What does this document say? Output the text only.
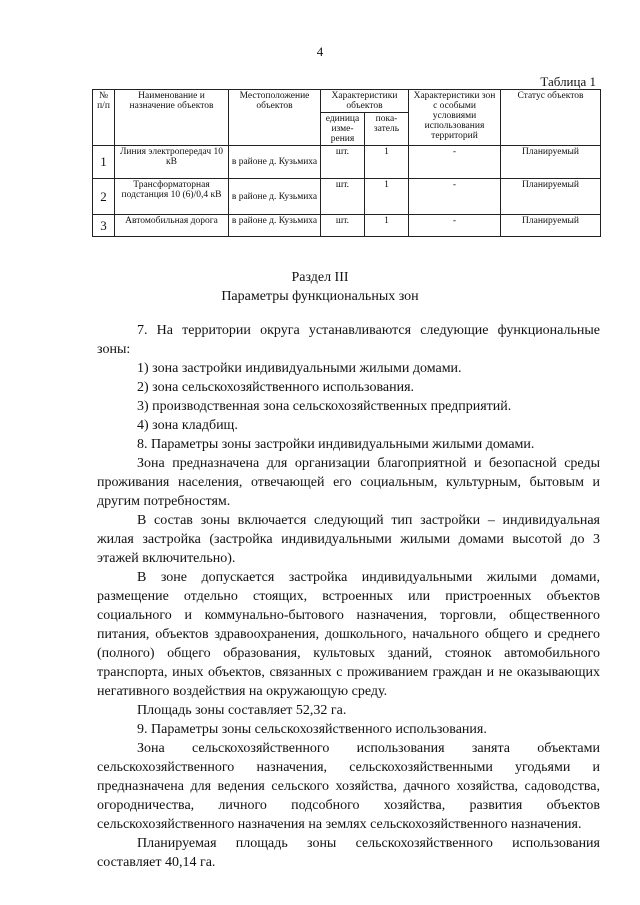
4
Таблица 1
№ п/п	Наименование и назначение объектов	Местоположение объектов	Характеристики объектов		Характеристики зон с особыми условиями использования территорий	Статус объектов
			единица изме-рения	пока-затель		
1	Линия электропередач 10 кВ	в районе д. Кузьмиха	шт.	1	-	Планируемый
2	Трансформаторная подстанция 10 (6)/0,4 кВ	в районе д. Кузьмиха	шт.	1	-	Планируемый
3	Автомобильная дорога	в районе д. Кузьмиха	шт.	1	-	Планируемый
Раздел III
Параметры функциональных зон

7. На территории округа устанавливаются следующие функциональные зоны:

1) зона застройки индивидуальными жилыми домами.

2) зона сельскохозяйственного использования.

3) производственная зона сельскохозяйственных предприятий.

4) зона кладбищ.

8. Параметры зоны застройки индивидуальными жилыми домами.

Зона предназначена для организации благоприятной и безопасной среды проживания населения, отвечающей его социальным, культурным, бытовым и другим потребностям.

В состав зоны включается следующий тип застройки – индивидуальная жилая застройка (застройка индивидуальными жилыми домами высотой до 3 этажей включительно).

В зоне допускается застройка индивидуальными жилыми домами, размещение отдельно стоящих, встроенных или пристроенных объектов социального и коммунально-бытового назначения, торговли, общественного питания, объектов здравоохранения, дошкольного, начального общего и среднего (полного) общего образования, культовых зданий, стоянок автомобильного транспорта, иных объектов, связанных с проживанием граждан и не оказывающих негативного воздействия на окружающую среду.

Площадь зоны составляет 52,32 га.

9. Параметры зоны сельскохозяйственного использования.

Зона сельскохозяйственного использования занята объектами сельскохозяйственного назначения, сельскохозяйственными угодьями и предназначена для ведения сельского хозяйства, дачного хозяйства, садоводства, огородничества, личного подсобного хозяйства, развития объектов сельскохозяйственного назначения на землях сельскохозяйственного назначения.

Планируемая площадь зоны сельскохозяйственного использования составляет 40,14 га.
